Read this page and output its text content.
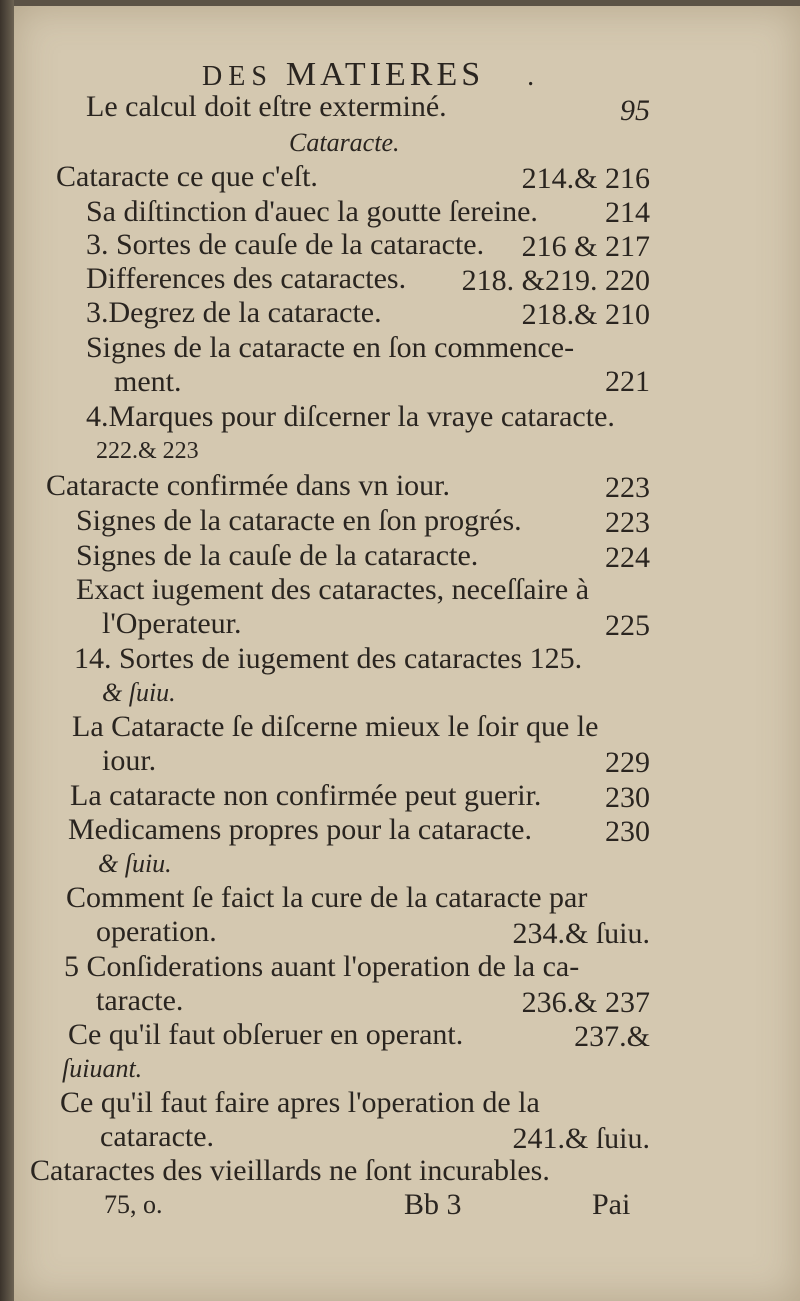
DES MATIERES .
Le calcul doit eſtre exterminé.	95
Cataracte.
Cataracte ce que c'eſt.	214.& 216
Sa diſtinction d'auec la goutte ſereine. 214
3. Sortes de cauſe de la cataracte. 216 & 217
Differences des cataractes. 218. &219. 220
3.Degrez de la cataracte.	218.& 210
Signes de la cataracte en ſon commence-
ment.	221
4.Marques pour diſcerner la vraye cataracte.
222.& 223
Cataracte confirmée dans vn iour.	223
Signes de la cataracte en ſon progrés.	223
Signes de la cauſe de la cataracte.	224
Exact iugement des cataractes, neceſſaire à
l'Operateur.	225
14. Sortes de iugement des cataractes 125.
& ſuiu.
La Cataracte ſe diſcerne mieux le ſoir que le
iour.	229
La cataracte non confirmée peut guerir. 230
Medicamens propres pour la cataracte. 230
& ſuiu.
Comment ſe faict la cure de la cataracte par
operation.	234.& ſuiu.
5 Conſiderations auant l'operation de la ca-
taracte.	236.& 237
Ce qu'il faut obſeruer en operant.	237.&
ſuiuant.
Ce qu'il faut faire apres l'operation de la
cataracte.	241.& ſuiu.
Cataractes des vieillards ne ſont incurables.
75, o.	Bb 3	Pai
